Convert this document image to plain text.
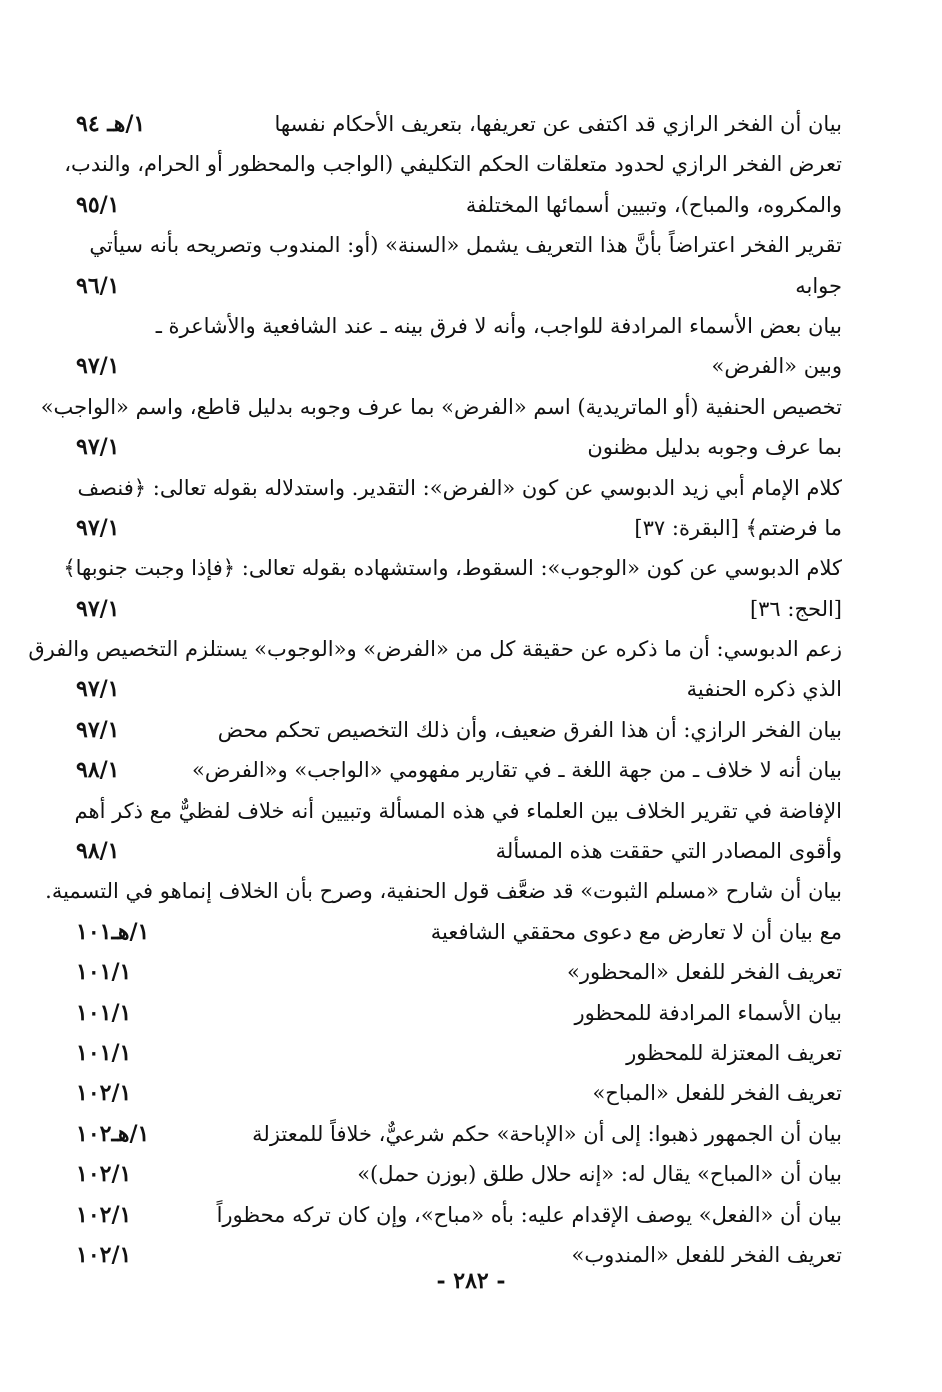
بيان أن الفخر الرازي قد اكتفى عن تعريفها، بتعريف الأحكام نفسها
١/هـ ٩٤
تعرض الفخر الرازي لحدود متعلقات الحكم التكليفي (الواجب والمحظور أو الحرام، والندب،
والمكروه، والمباح)، وتبيين أسمائها المختلفة
٩٥/١
تقرير الفخر اعتراضاً بأنَّ هذا التعريف يشمل «السنة» (أو: المندوب وتصريحه بأنه سيأتي
جوابه
٩٦/١
بيان بعض الأسماء المرادفة للواجب، وأنه لا فرق بينه ـ عند الشافعية والأشاعرة ـ
وبين «الفرض»
٩٧/١
تخصيص الحنفية (أو الماتريدية) اسم «الفرض» بما عرف وجوبه بدليل قاطع، واسم «الواجب»
بما عرف وجوبه بدليل مظنون
٩٧/١
كلام الإمام أبي زيد الدبوسي عن كون «الفرض»: التقدير. واستدلاله بقوله تعالى: ﴿فنصف
ما فرضتم﴾ [البقرة: ٣٧]
٩٧/١
كلام الدبوسي عن كون «الوجوب»: السقوط، واستشهاده بقوله تعالى: ﴿فإذا وجبت جنوبها﴾
[الحج: ٣٦]
٩٧/١
زعم الدبوسي: أن ما ذكره عن حقيقة كل من «الفرض» و«الوجوب» يستلزم التخصيص والفرق
الذي ذكره الحنفية
٩٧/١
بيان الفخر الرازي: أن هذا الفرق ضعيف، وأن ذلك التخصيص تحكم محض
٩٧/١
بيان أنه لا خلاف ـ من جهة اللغة ـ في تقارير مفهومي «الواجب» و«الفرض»
٩٨/١
الإفاضة في تقرير الخلاف بين العلماء في هذه المسألة وتبيين أنه خلاف لفظيٌّ مع ذكر أهم
وأقوى المصادر التي حققت هذه المسألة
٩٨/١
بيان أن شارح «مسلم الثبوت» قد ضعَّف قول الحنفية، وصرح بأن الخلاف إنماهو في التسمية.
مع بيان أن لا تعارض مع دعوى محققي الشافعية
١/هـ١٠١
تعريف الفخر للفعل «المحظور»
١٠١/١
بيان الأسماء المرادفة للمحظور
١٠١/١
تعريف المعتزلة للمحظور
١٠١/١
تعريف الفخر للفعل «المباح»
١٠٢/١
بيان أن الجمهور ذهبوا: إلى أن «الإباحة» حكم شرعيٌّ، خلافاً للمعتزلة
١/هـ١٠٢
بيان أن «المباح» يقال له: «إنه حلال طلق (بوزن حمل)»
١٠٢/١
بيان أن «الفعل» يوصف الإقدام عليه: بأه «مباح»، وإن كان تركه محظوراً
١٠٢/١
تعريف الفخر للفعل «المندوب»
١٠٢/١
- ٢٨٢ -
